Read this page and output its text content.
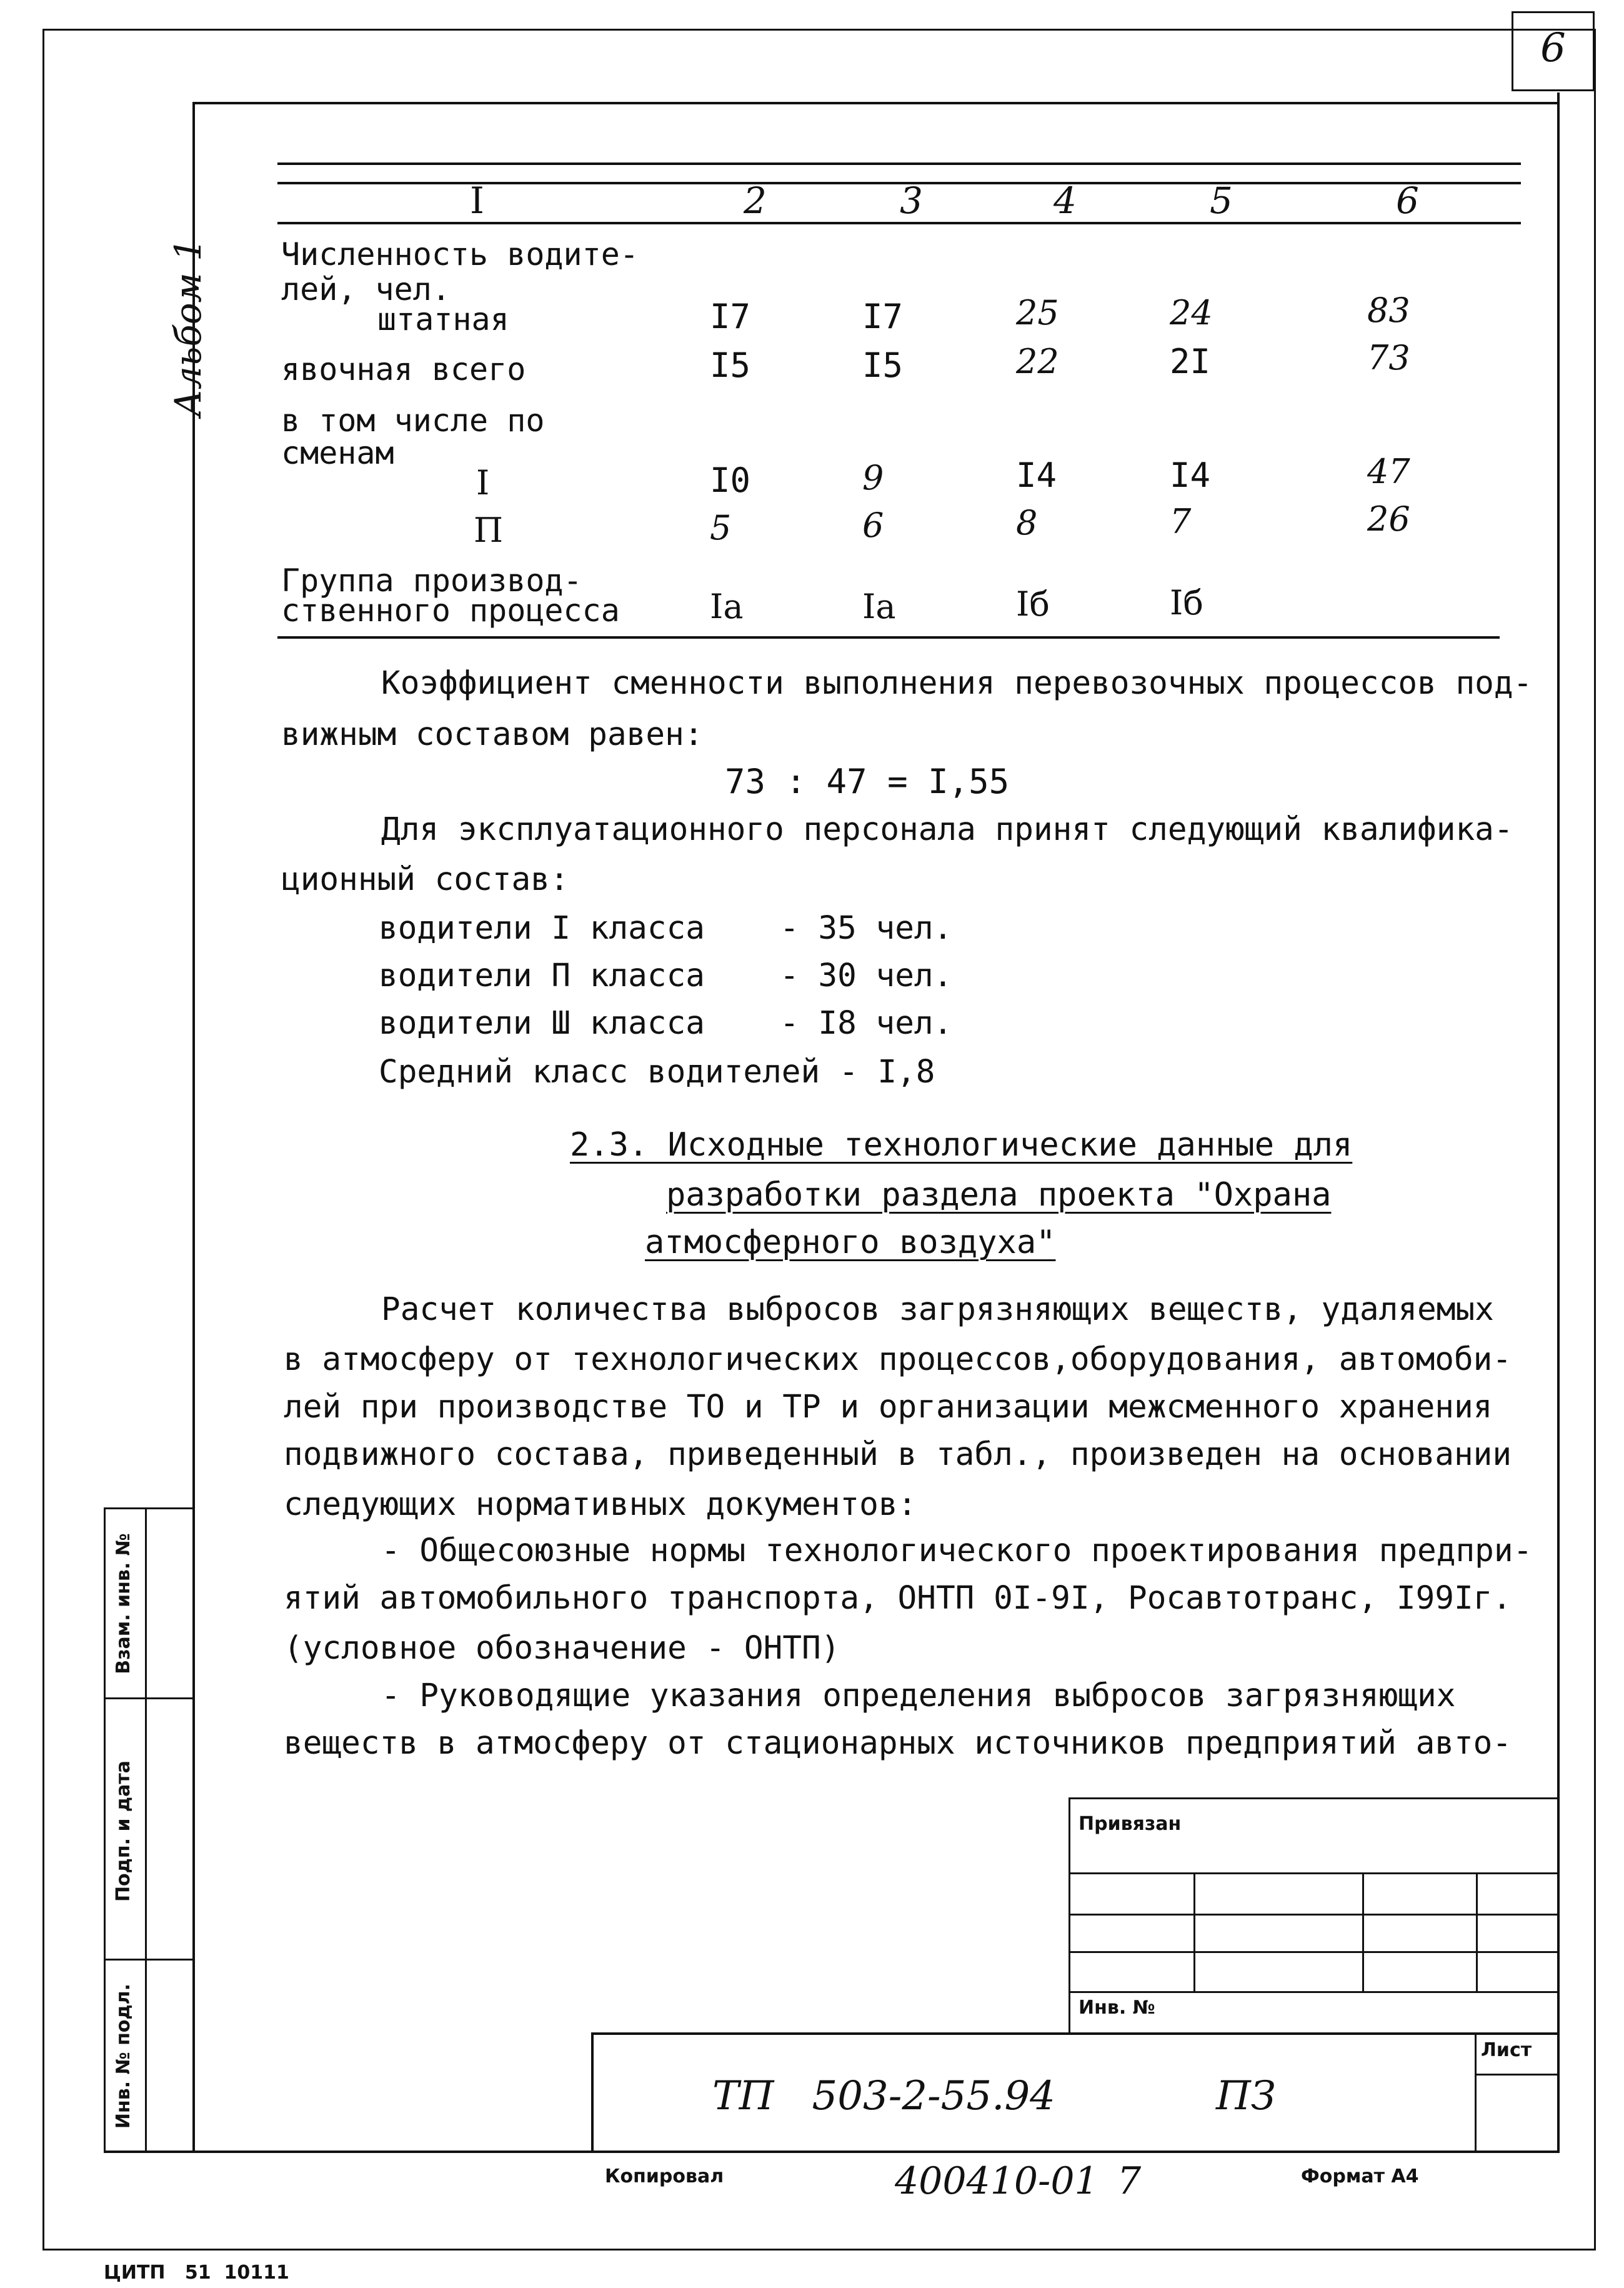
6
Альбом 1
I	2	3	4	5	6
Численность водите-
лей, чел.
штатная	I7	I7	25	24	83
явочная всего	I5	I5	22	2I	73
в том числе по
сменам
I	I0	9	I4	I4	47
П	5	6	8	7	26
Группа производ-
ственного процесса	Iа	Iа	Iб	Iб
Коэффициент сменности выполнения перевозочных процессов под-
вижным составом равен:
73 : 47 = I,55
Для эксплуатационного персонала принят следующий квалифика-
ционный состав:
водители I класса - 35 чел.
водители П класса - 30 чел.
водители Ш класса - I8 чел.
Средний класс водителей - I,8
2.3. Исходные технологические данные для
разработки раздела проекта "Охрана
атмосферного воздуха"
Расчет количества выбросов загрязняющих веществ, удаляемых
в атмосферу от технологических процессов,оборудования, автомоби-
лей при производстве ТО и ТР и организации межсменного хранения
подвижного состава, приведенный в табл., произведен на основании
следующих нормативных документов:
- Общесоюзные нормы технологического проектирования предпри-
ятий автомобильного транспорта, ОНТП 0I-9I, Росавтотранс, I99Iг.
(условное обозначение - ОНТП)
- Руководящие указания определения выбросов загрязняющих
веществ в атмосферу от стационарных источников предприятий авто-
Взам. инв. №
Подп. и дата
Инв. № подл.
Привязан
Инв. №
Лист
ТП   503-2-55.94	ПЗ
Копировал	400410-01 7	Формат А4
ЦИТП   51  10111
